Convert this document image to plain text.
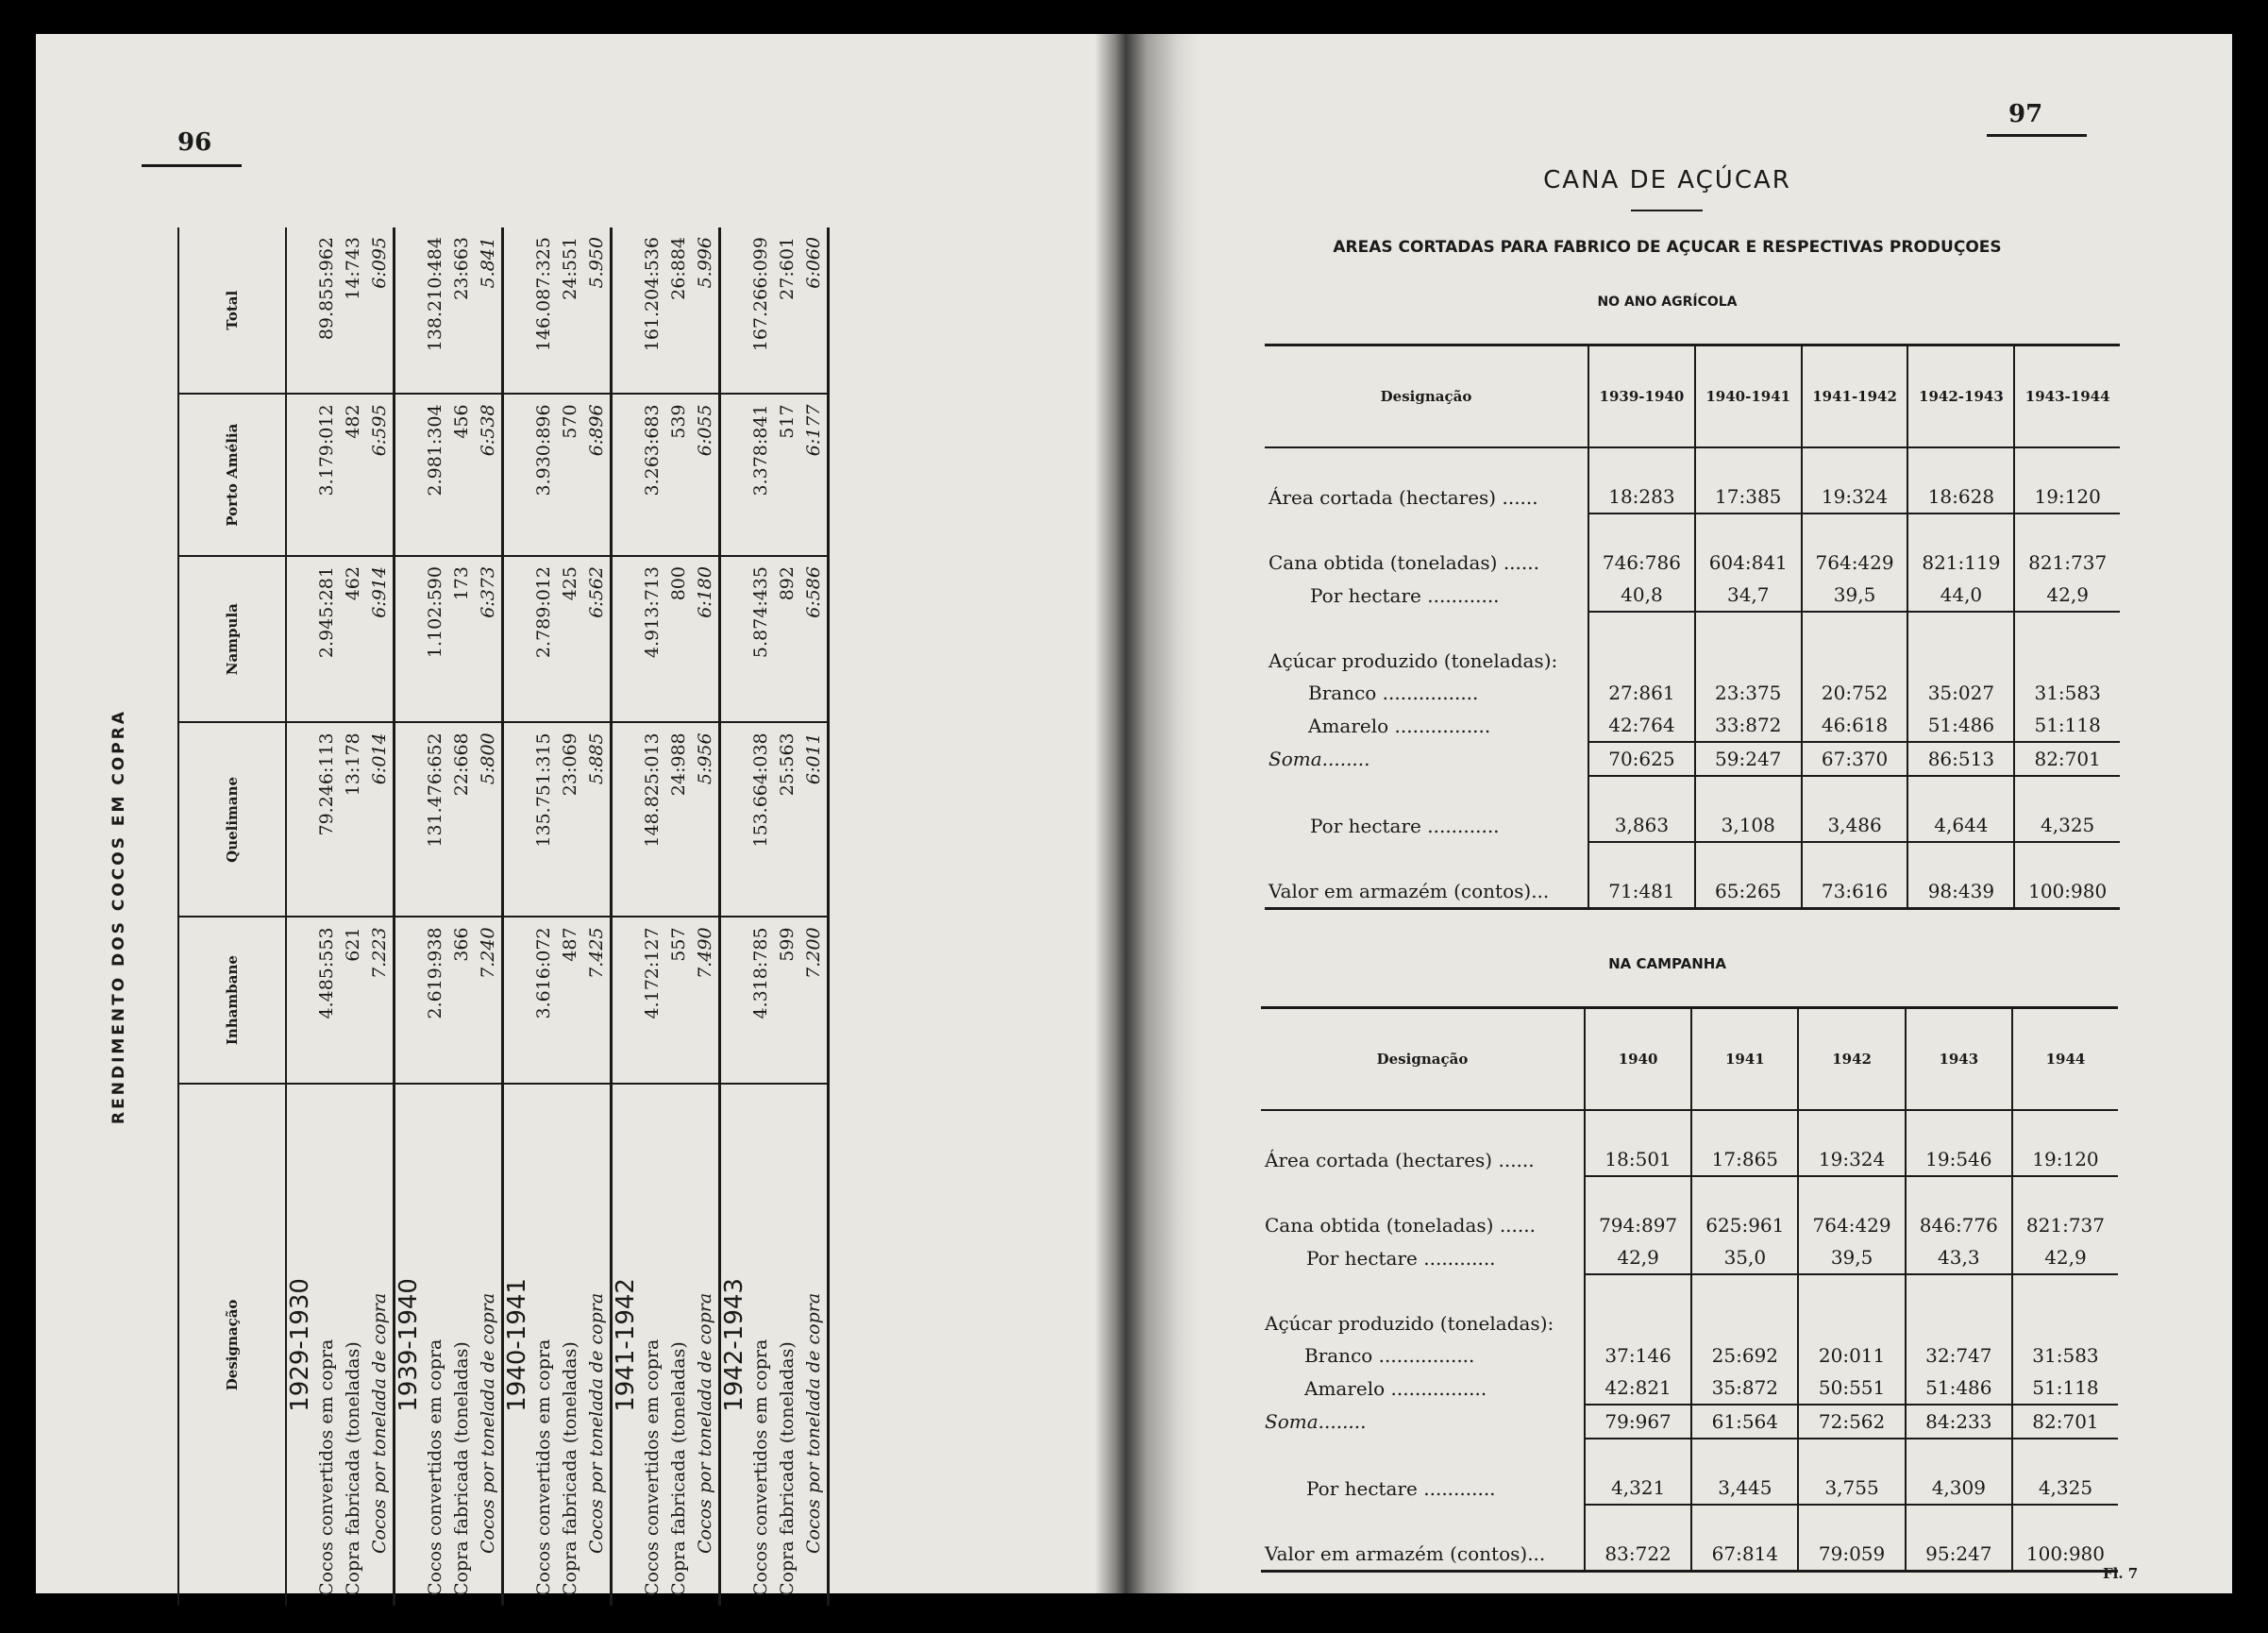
96
RENDIMENTO DOS COCOS EM COPRA
Designação	Inhambane	Quelimane	Nampula	Porto Amélia	Total
1929-1930					
Cocos convertidos em copra	4.485:553	79.246:113	2.945:281	3.179:012	89.855:962
Copra fabricada (toneladas)	621	13:178	462	482	14:743
Cocos por tonelada de copra	7.223	6:014	6:914	6:595	6:095
1939-1940					
Cocos convertidos em copra	2.619:938	131.476:652	1.102:590	2.981:304	138.210:484
Copra fabricada (toneladas)	366	22:668	173	456	23:663
Cocos por tonelada de copra	7.240	5:800	6:373	6:538	5.841
1940-1941					
Cocos convertidos em copra	3.616:072	135.751:315	2.789:012	3.930:896	146.087:325
Copra fabricada (toneladas)	487	23:069	425	570	24:551
Cocos por tonelada de copra	7.425	5:885	6:562	6:896	5.950
1941-1942					
Cocos convertidos em copra	4.172:127	148.825:013	4.913:713	3.263:683	161.204:536
Copra fabricada (toneladas)	557	24:988	800	539	26:884
Cocos por tonelada de copra	7.490	5:956	6:180	6:055	5.996
1942-1943					
Cocos convertidos em copra	4.318:785	153.664:038	5.874:435	3.378:841	167.266:099
Copra fabricada (toneladas)	599	25:563	892	517	27:601
Cocos por tonelada de copra	7.200	6:011	6:586	6:177	6:060
97
CANA DE AÇÚCAR
AREAS CORTADAS PARA FABRICO DE AÇUCAR E RESPECTIVAS PRODUÇOES
NO ANO AGRÍCOLA
Designação	1939-1940	1940-1941	1941-1942	1942-1943	1943-1944

Área cortada (hectares) ......	18:283	17:385	19:324	18:628	19:120

Cana obtida (toneladas) ......	746:786	604:841	764:429	821:119	821:737
Por hectare ............	40,8	34,7	39,5	44,0	42,9

Açúcar produzido (toneladas):					
Branco ................	27:861	23:375	20:752	35:027	31:583
Amarelo ................	42:764	33:872	46:618	51:486	51:118
Soma........	70:625	59:247	67:370	86:513	82:701

Por hectare ............	3,863	3,108	3,486	4,644	4,325

Valor em armazém (contos)...	71:481	65:265	73:616	98:439	100:980
NA CAMPANHA
Designação	1940	1941	1942	1943	1944

Área cortada (hectares) ......	18:501	17:865	19:324	19:546	19:120

Cana obtida (toneladas) ......	794:897	625:961	764:429	846:776	821:737
Por hectare ............	42,9	35,0	39,5	43,3	42,9

Açúcar produzido (toneladas):					
Branco ................	37:146	25:692	20:011	32:747	31:583
Amarelo ................	42:821	35:872	50:551	51:486	51:118
Soma........	79:967	61:564	72:562	84:233	82:701

Por hectare ............	4,321	3,445	3,755	4,309	4,325

Valor em armazém (contos)...	83:722	67:814	79:059	95:247	100:980
Fl. 7
